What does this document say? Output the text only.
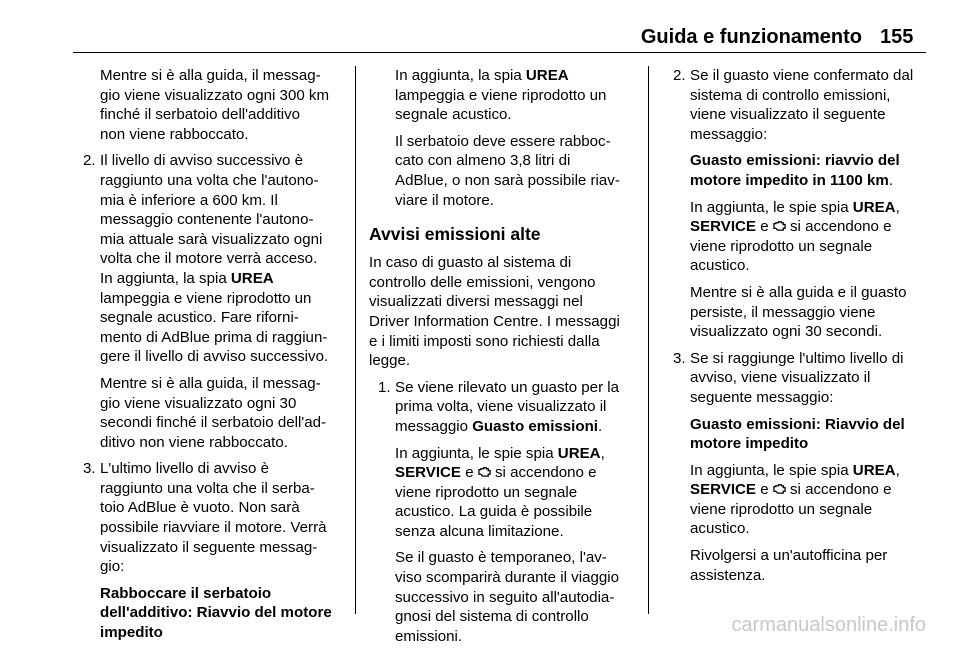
Guida e funzionamento 155

Mentre si è alla guida, il messag-
gio viene visualizzato ogni 300 km
finché il serbatoio dell'additivo
non viene rabboccato.

2. Il livello di avviso successivo è
raggiunto una volta che l'autono-
mia è inferiore a 600 km. Il
messaggio contenente l'autono-
mia attuale sarà visualizzato ogni
volta che il motore verrà acceso.
In aggiunta, la spia UREA
lampeggia e viene riprodotto un
segnale acustico. Fare riforni-
mento di AdBlue prima di raggiun-
gere il livello di avviso successivo.

Mentre si è alla guida, il messag-
gio viene visualizzato ogni 30
secondi finché il serbatoio dell'ad-
ditivo non viene rabboccato.

3. L'ultimo livello di avviso è
raggiunto una volta che il serba-
toio AdBlue è vuoto. Non sarà
possibile riavviare il motore. Verrà
visualizzato il seguente messag-
gio:

Rabboccare il serbatoio
dell'additivo: Riavvio del motore
impedito

In aggiunta, la spia UREA
lampeggia e viene riprodotto un
segnale acustico.

Il serbatoio deve essere rabboc-
cato con almeno 3,8 litri di
AdBlue, o non sarà possibile riav-
viare il motore.

Avvisi emissioni alte

In caso di guasto al sistema di
controllo delle emissioni, vengono
visualizzati diversi messaggi nel
Driver Information Centre. I messaggi
e i limiti imposti sono richiesti dalla
legge.

1. Se viene rilevato un guasto per la
prima volta, viene visualizzato il
messaggio Guasto emissioni.

In aggiunta, le spie spia UREA,
SERVICE e  si accendono e
viene riprodotto un segnale
acustico. La guida è possibile
senza alcuna limitazione.

Se il guasto è temporaneo, l'av-
viso scomparirà durante il viaggio
successivo in seguito all'autodia-
gnosi del sistema di controllo
emissioni.

2. Se il guasto viene confermato dal
sistema di controllo emissioni,
viene visualizzato il seguente
messaggio:

Guasto emissioni: riavvio del
motore impedito in 1100 km.

In aggiunta, le spie spia UREA,
SERVICE e  si accendono e
viene riprodotto un segnale
acustico.

Mentre si è alla guida e il guasto
persiste, il messaggio viene
visualizzato ogni 30 secondi.

3. Se si raggiunge l'ultimo livello di
avviso, viene visualizzato il
seguente messaggio:

Guasto emissioni: Riavvio del
motore impedito

In aggiunta, le spie spia UREA,
SERVICE e  si accendono e
viene riprodotto un segnale
acustico.

Rivolgersi a un'autofficina per
assistenza.

carmanualsonline.info
